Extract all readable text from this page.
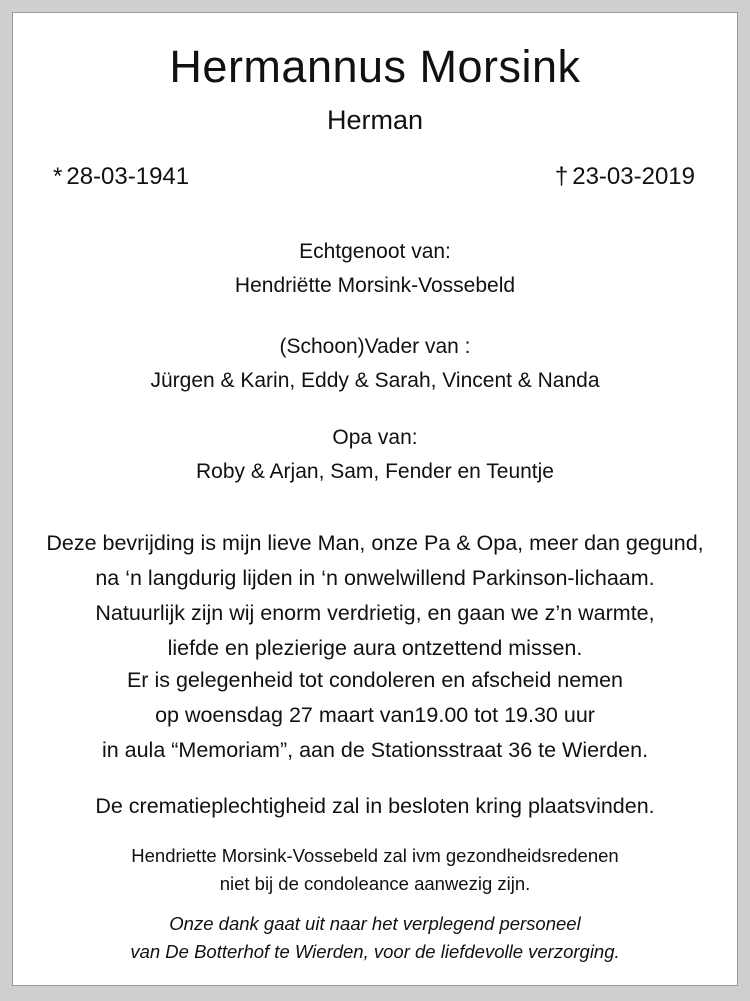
Hermannus Morsink
Herman
* 28-03-1941	† 23-03-2019
Echtgenoot van:
Hendriëtte Morsink-Vossebeld
(Schoon)Vader van :
Jürgen & Karin, Eddy & Sarah, Vincent & Nanda
Opa van:
Roby & Arjan, Sam, Fender en Teuntje
Deze bevrijding is mijn lieve Man, onze Pa & Opa, meer dan gegund,
na ‘n langdurig lijden in ‘n onwelwillend Parkinson-lichaam.
Natuurlijk zijn wij enorm verdrietig, en gaan we z’n warmte,
liefde en plezierige aura ontzettend missen.
Er is gelegenheid tot condoleren en afscheid nemen
op woensdag 27 maart van19.00 tot 19.30 uur
in aula “Memoriam”, aan de Stationsstraat 36 te Wierden.
De crematieplechtigheid zal in besloten kring plaatsvinden.
Hendriette Morsink-Vossebeld zal ivm gezondheidsredenen
niet bij de condoleance aanwezig zijn.
Onze dank gaat uit naar het verplegend personeel
van De Botterhof te Wierden, voor de liefdevolle verzorging.
